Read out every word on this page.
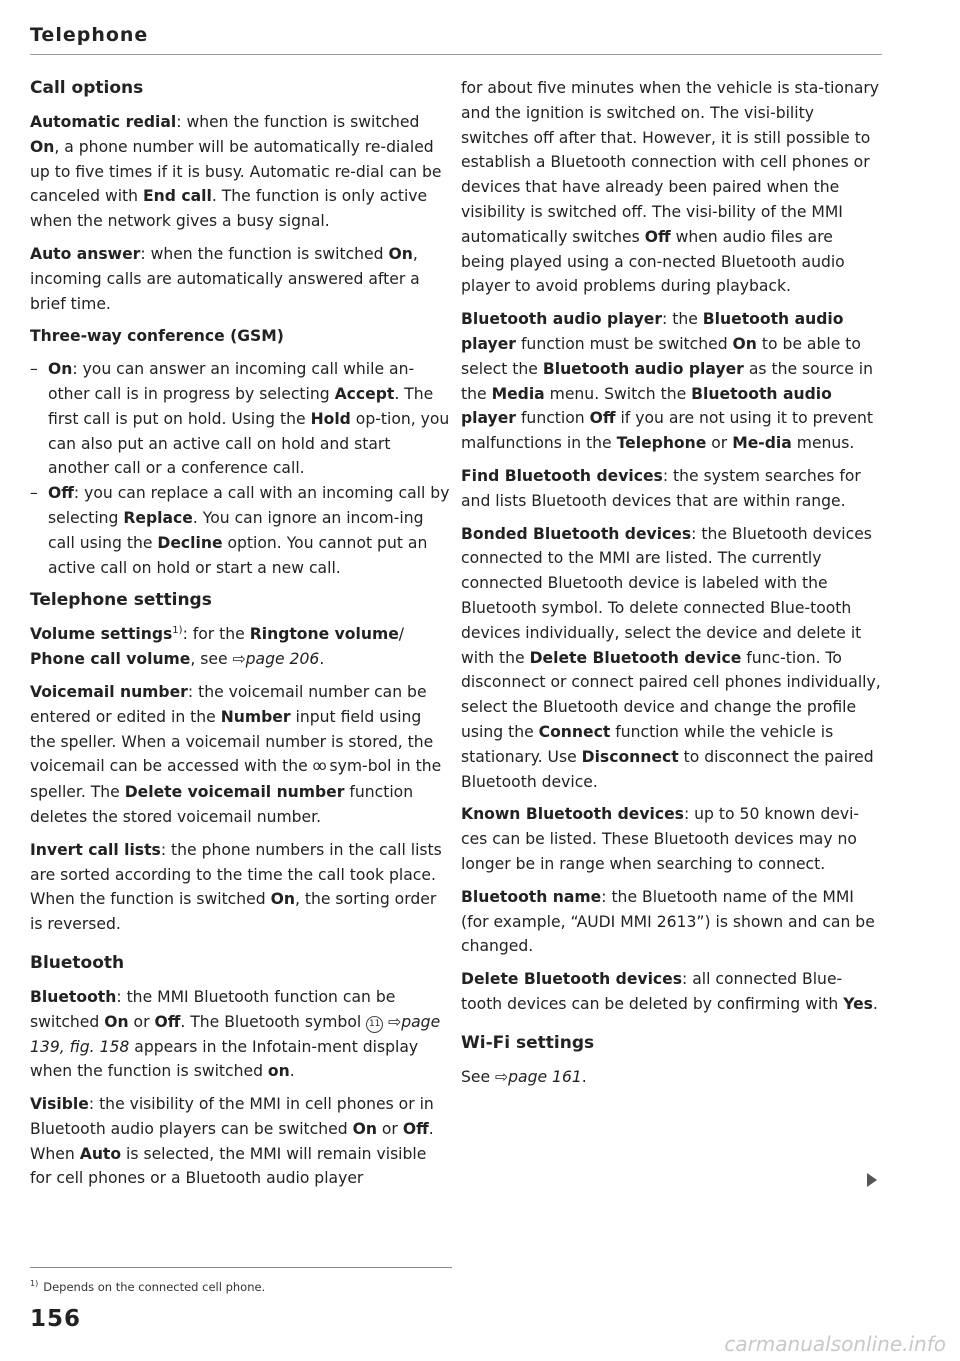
Telephone
Call options

Automatic redial: when the function is switched On, a phone number will be automatically re-dialed up to five times if it is busy. Automatic re-dial can be canceled with End call. The function is only active when the network gives a busy signal.

Auto answer: when the function is switched On, incoming calls are automatically answered after a brief time.

Three-way conference (GSM)

– On: you can answer an incoming call while an-other call is in progress by selecting Accept. The first call is put on hold. Using the Hold op-tion, you can also put an active call on hold and start another call or a conference call.
– Off: you can replace a call with an incoming call by selecting Replace. You can ignore an incom-ing call using the Decline option. You cannot put an active call on hold or start a new call.
Telephone settings

Volume settings$^{1)}$: for the Ringtone volume/ Phone call volume, see ⇨page 206.

Voicemail number: the voicemail number can be entered or edited in the Number input field using the speller. When a voicemail number is stored, the voicemail can be accessed with the oo sym-bol in the speller. The Delete voicemail number function deletes the stored voicemail number.

Invert call lists: the phone numbers in the call lists are sorted according to the time the call took place. When the function is switched On, the sorting order is reversed.

Bluetooth

Bluetooth: the MMI Bluetooth function can be switched On or Off. The Bluetooth symbol 11 ⇨page 139, fig. 158 appears in the Infotain-ment display when the function is switched on.

Visible: the visibility of the MMI in cell phones or in Bluetooth audio players can be switched On or Off. When Auto is selected, the MMI will remain visible for cell phones or a Bluetooth audio player

for about five minutes when the vehicle is sta-tionary and the ignition is switched on. The visi-bility switches off after that. However, it is still possible to establish a Bluetooth connection with cell phones or devices that have already been paired when the visibility is switched off. The visi-bility of the MMI automatically switches Off when audio files are being played using a con-nected Bluetooth audio player to avoid problems during playback.

Bluetooth audio player: the Bluetooth audio player function must be switched On to be able to select the Bluetooth audio player as the source in the Media menu. Switch the Bluetooth audio player function Off if you are not using it to prevent malfunctions in the Telephone or Me-dia menus.

Find Bluetooth devices: the system searches for and lists Bluetooth devices that are within range.

Bonded Bluetooth devices: the Bluetooth devices connected to the MMI are listed. The currently connected Bluetooth device is labeled with the Bluetooth symbol. To delete connected Blue-tooth devices individually, select the device and delete it with the Delete Bluetooth device func-tion. To disconnect or connect paired cell phones individually, select the Bluetooth device and change the profile using the Connect function while the vehicle is stationary. Use Disconnect to disconnect the paired Bluetooth device.

Known Bluetooth devices: up to 50 known devi-ces can be listed. These Bluetooth devices may no longer be in range when searching to connect.

Bluetooth name: the Bluetooth name of the MMI (for example, “AUDI MMI 2613”) is shown and can be changed.

Delete Bluetooth devices: all connected Blue-tooth devices can be deleted by confirming with Yes.

Wi-Fi settings

See ⇨page 161.

$^{1)}$ Depends on the connected cell phone.
156
carmanualsonline.info
